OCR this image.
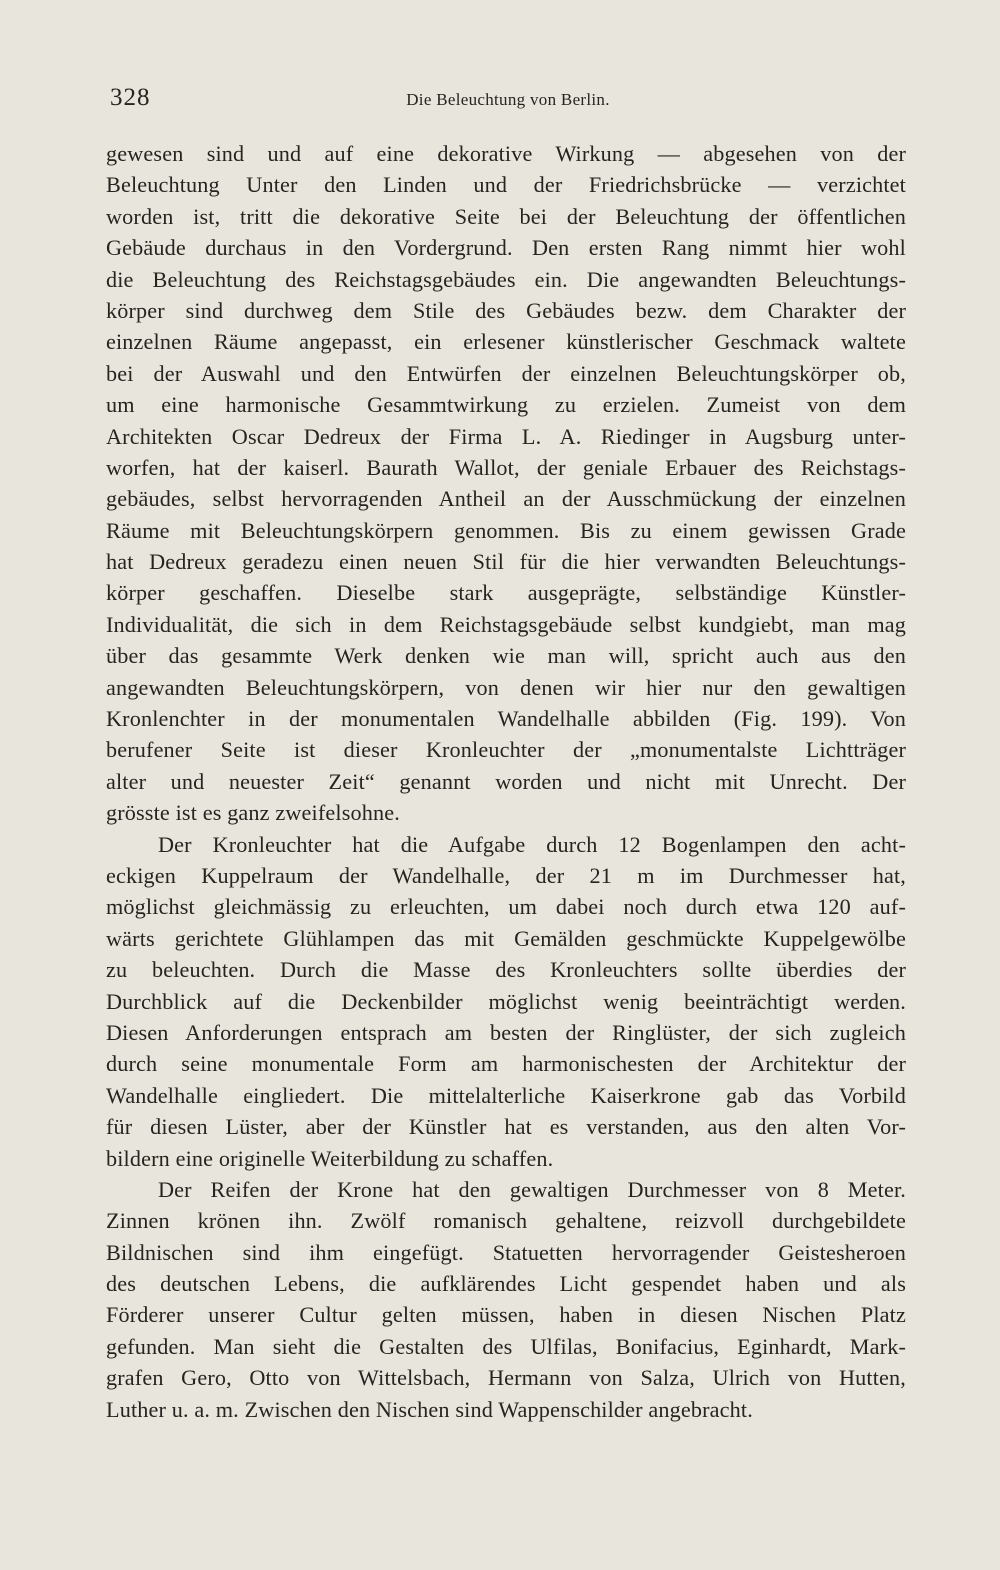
328	Die Beleuchtung von Berlin.
gewesen sind und auf eine dekorative Wirkung — abgesehen von der
Beleuchtung Unter den Linden und der Friedrichsbrücke — verzichtet
worden ist, tritt die dekorative Seite bei der Beleuchtung der öffentlichen
Gebäude durchaus in den Vordergrund. Den ersten Rang nimmt hier wohl
die Beleuchtung des Reichstagsgebäudes ein. Die angewandten Beleuchtungs-
körper sind durchweg dem Stile des Gebäudes bezw. dem Charakter der
einzelnen Räume angepasst, ein erlesener künstlerischer Geschmack waltete
bei der Auswahl und den Entwürfen der einzelnen Beleuchtungskörper ob,
um eine harmonische Gesammtwirkung zu erzielen. Zumeist von dem
Architekten Oscar Dedreux der Firma L. A. Riedinger in Augsburg unter-
worfen, hat der kaiserl. Baurath Wallot, der geniale Erbauer des Reichstags-
gebäudes, selbst hervorragenden Antheil an der Ausschmückung der einzelnen
Räume mit Beleuchtungskörpern genommen. Bis zu einem gewissen Grade
hat Dedreux geradezu einen neuen Stil für die hier verwandten Beleuchtungs-
körper geschaffen. Dieselbe stark ausgeprägte, selbständige Künstler-
Individualität, die sich in dem Reichstagsgebäude selbst kundgiebt, man mag
über das gesammte Werk denken wie man will, spricht auch aus den
angewandten Beleuchtungskörpern, von denen wir hier nur den gewaltigen
Kronlenchter in der monumentalen Wandelhalle abbilden (Fig. 199). Von
berufener Seite ist dieser Kronleuchter der „monumentalste Lichtträger
alter und neuester Zeit“ genannt worden und nicht mit Unrecht. Der
grösste ist es ganz zweifelsohne.
Der Kronleuchter hat die Aufgabe durch 12 Bogenlampen den acht-
eckigen Kuppelraum der Wandelhalle, der 21 m im Durchmesser hat,
möglichst gleichmässig zu erleuchten, um dabei noch durch etwa 120 auf-
wärts gerichtete Glühlampen das mit Gemälden geschmückte Kuppelgewölbe
zu beleuchten. Durch die Masse des Kronleuchters sollte überdies der
Durchblick auf die Deckenbilder möglichst wenig beeinträchtigt werden.
Diesen Anforderungen entsprach am besten der Ringlüster, der sich zugleich
durch seine monumentale Form am harmonischesten der Architektur der
Wandelhalle eingliedert. Die mittelalterliche Kaiserkrone gab das Vorbild
für diesen Lüster, aber der Künstler hat es verstanden, aus den alten Vor-
bildern eine originelle Weiterbildung zu schaffen.
Der Reifen der Krone hat den gewaltigen Durchmesser von 8 Meter.
Zinnen krönen ihn. Zwölf romanisch gehaltene, reizvoll durchgebildete
Bildnischen sind ihm eingefügt. Statuetten hervorragender Geistesheroen
des deutschen Lebens, die aufklärendes Licht gespendet haben und als
Förderer unserer Cultur gelten müssen, haben in diesen Nischen Platz
gefunden. Man sieht die Gestalten des Ulfilas, Bonifacius, Eginhardt, Mark-
grafen Gero, Otto von Wittelsbach, Hermann von Salza, Ulrich von Hutten,
Luther u. a. m. Zwischen den Nischen sind Wappenschilder angebracht.
